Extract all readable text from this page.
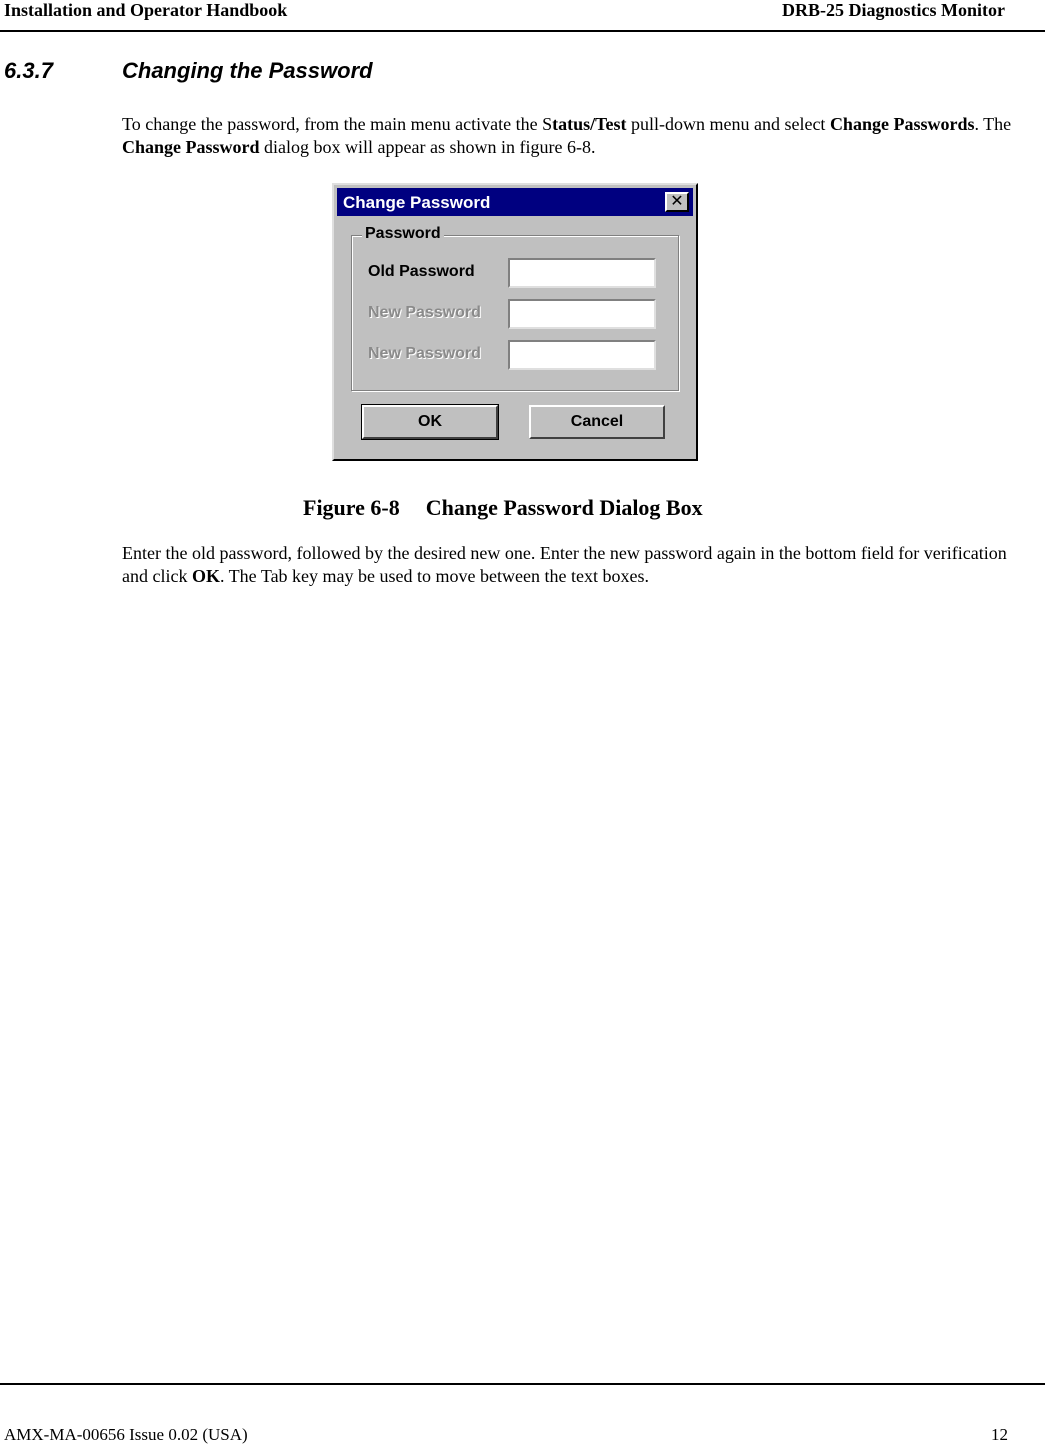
Installation and Operator Handbook	DRB-25 Diagnostics Monitor
6.3.7	Changing the Password
To change the password, from the main menu activate the Status/Test pull-down menu and select Change Passwords. The Change Password dialog box will appear as shown in figure 6-8.
Change Password	✕
Password
Old Password
New Password
New Password
OK	Cancel
Figure 6-8 Change Password Dialog Box
Enter the old password, followed by the desired new one. Enter the new password again in the bottom field for verification and click OK. The Tab key may be used to move between the text boxes.
AMX-MA-00656 Issue 0.02 (USA)	12
